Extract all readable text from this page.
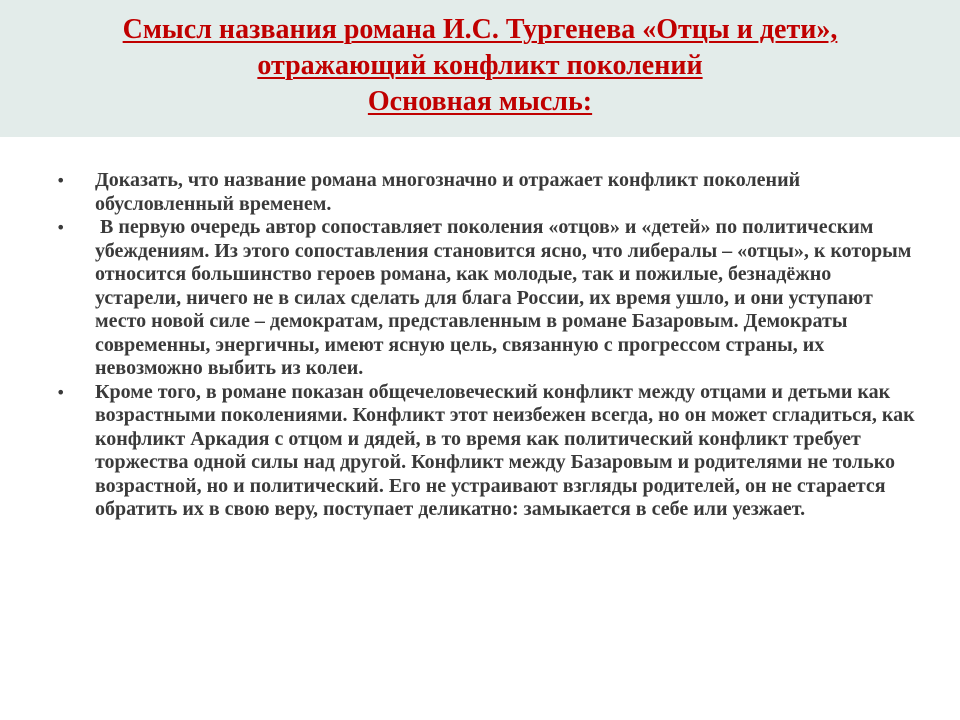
Смысл названия романа И.С. Тургенева «Отцы и дети»,
отражающий конфликт поколений
Основная мысль:
• Доказать, что название романа многозначно и отражает конфликт поколений обусловленный временем.
• В первую очередь автор сопоставляет поколения «отцов» и «детей» по политическим убеждениям. Из этого сопоставления становится ясно, что либералы – «отцы», к которым относится большинство героев романа, как молодые, так и пожилые, безнадёжно устарели, ничего не в силах сделать для блага России, их время ушло, и они уступают место новой силе – демократам, представленным в романе Базаровым. Демократы современны, энергичны, имеют ясную цель, связанную с прогрессом страны, их невозможно выбить из колеи.
• Кроме того, в романе показан общечеловеческий конфликт между отцами и детьми как возрастными поколениями. Конфликт этот неизбежен всегда, но он может сгладиться, как конфликт Аркадия с отцом и дядей, в то время как политический конфликт требует торжества одной силы над другой. Конфликт между Базаровым и родителями не только возрастной, но и политический. Его не устраивают взгляды родителей, он не старается обратить их в свою веру, поступает деликатно: замыкается в себе или уезжает.
